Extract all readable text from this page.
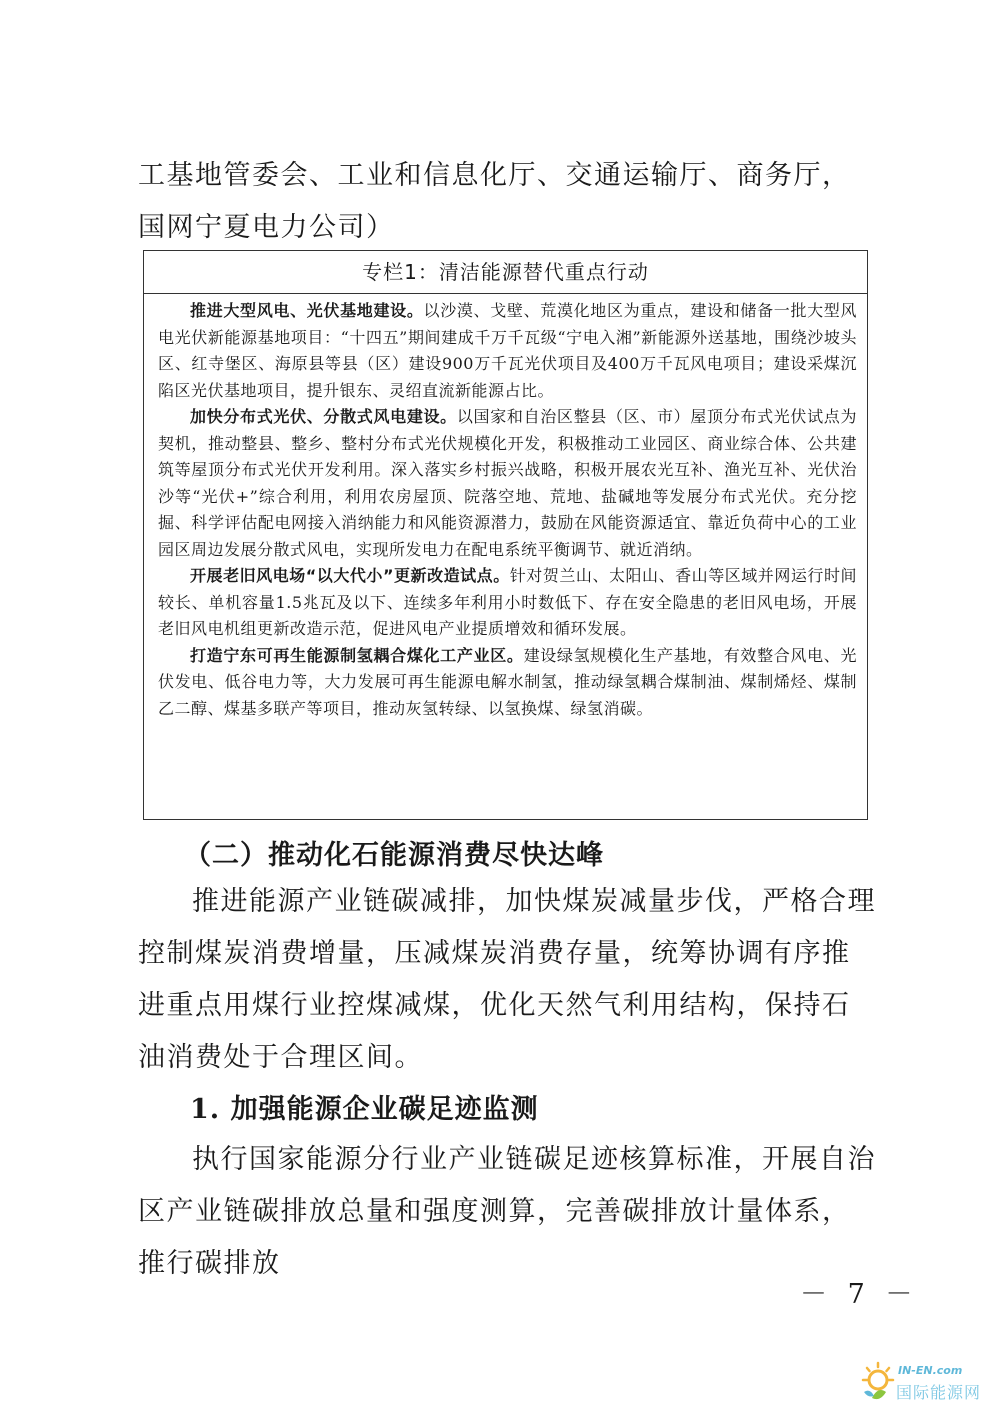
工基地管委会、工业和信息化厅、交通运输厅、商务厅，国网宁夏电力公司）

专栏1：清洁能源替代重点行动

推进大型风电、光伏基地建设。以沙漠、戈壁、荒漠化地区为重点，建设和储备一批大型风电光伏新能源基地项目：“十四五”期间建成千万千瓦级“宁电入湘”新能源外送基地，围绕沙坡头区、红寺堡区、海原县等县（区）建设900万千瓦光伏项目及400万千瓦风电项目；建设采煤沉陷区光伏基地项目，提升银东、灵绍直流新能源占比。

加快分布式光伏、分散式风电建设。以国家和自治区整县（区、市）屋顶分布式光伏试点为契机，推动整县、整乡、整村分布式光伏规模化开发，积极推动工业园区、商业综合体、公共建筑等屋顶分布式光伏开发利用。深入落实乡村振兴战略，积极开展农光互补、渔光互补、光伏治沙等“光伏+”综合利用，利用农房屋顶、院落空地、荒地、盐碱地等发展分布式光伏。充分挖掘、科学评估配电网接入消纳能力和风能资源潜力，鼓励在风能资源适宜、靠近负荷中心的工业园区周边发展分散式风电，实现所发电力在配电系统平衡调节、就近消纳。

开展老旧风电场“以大代小”更新改造试点。针对贺兰山、太阳山、香山等区域并网运行时间较长、单机容量1.5兆瓦及以下、连续多年利用小时数低下、存在安全隐患的老旧风电场，开展老旧风电机组更新改造示范，促进风电产业提质增效和循环发展。

打造宁东可再生能源制氢耦合煤化工产业区。建设绿氢规模化生产基地，有效整合风电、光伏发电、低谷电力等，大力发展可再生能源电解水制氢，推动绿氢耦合煤制油、煤制烯烃、煤制乙二醇、煤基多联产等项目，推动灰氢转绿、以氢换煤、绿氢消碳。

（二）推动化石能源消费尽快达峰

推进能源产业链碳减排，加快煤炭减量步伐，严格合理控制煤炭消费增量，压减煤炭消费存量，统筹协调有序推进重点用煤行业控煤减煤，优化天然气利用结构，保持石油消费处于合理区间。

1. 加强能源企业碳足迹监测

执行国家能源分行业产业链碳足迹核算标准，开展自治区产业链碳排放总量和强度测算，完善碳排放计量体系，推行碳排放

－ 7 －
IN-EN.com
国际能源网
